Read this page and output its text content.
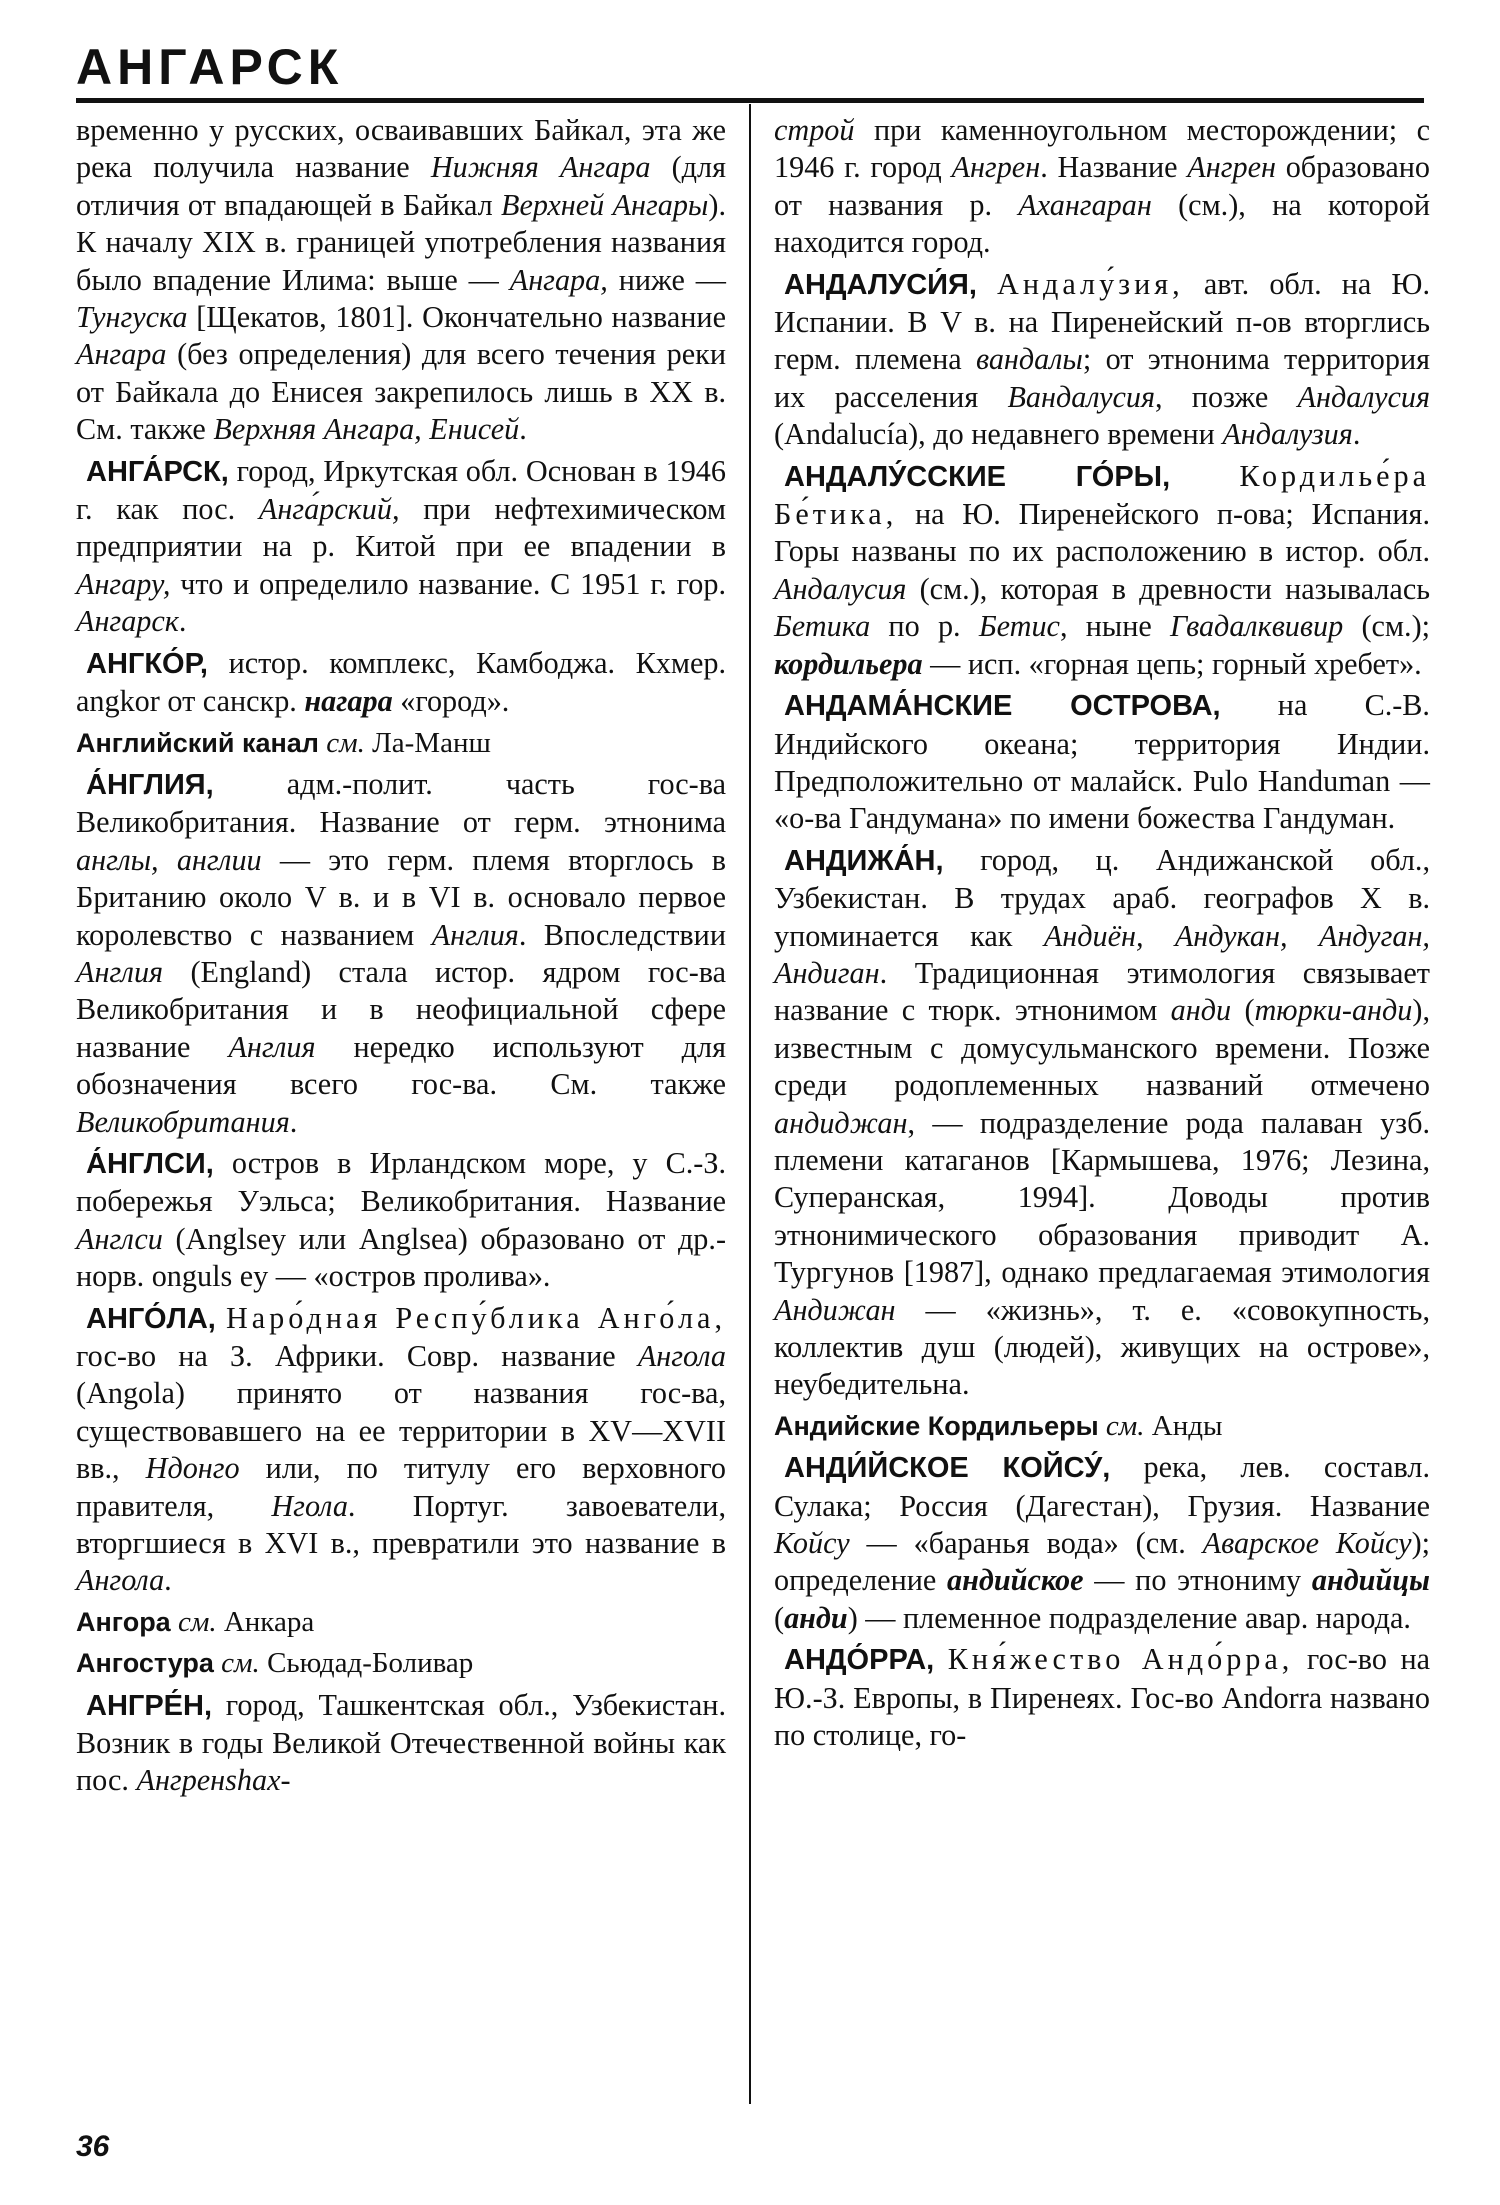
АНГАРСК

временно у русских, осваивавших Байкал, эта же река получила название Нижняя Ангара (для отличия от впадающей в Байкал Верхней Ангары). К началу XIX в. границей употребления названия было впадение Илима: выше — Ангара, ниже — Тунгуска [Щекатов, 1801]. Окончательно название Ангара (без определения) для всего течения реки от Байкала до Енисея закрепилось лишь в XX в. См. также Верхняя Ангара, Енисей.

АНГА́РСК, город, Иркутская обл. Основан в 1946 г. как пос. Анга́рский, при нефтехимическом предприятии на р. Китой при ее впадении в Ангару, что и определило название. С 1951 г. гор. Ангарск.

АНГКО́Р, истор. комплекс, Камбоджа. Кхмер. angkor от санскр. нагара «город».

Английский канал см. Ла-Манш

А́НГЛИЯ, адм.-полит. часть гос-ва Великобритания. Название от герм. этнонима англы, англии — это герм. племя вторглось в Британию около V в. и в VI в. основало первое королевство с названием Англия. Впоследствии Англия (England) стала истор. ядром гос-ва Великобритания и в неофициальной сфере название Англия нередко используют для обозначения всего гос-ва. См. также Великобритания.

А́НГЛСИ, остров в Ирландском море, у С.-З. побережья Уэльса; Великобритания. Название Англси (Anglsey или Anglsea) образовано от др.-норв. onguls ey — «остров пролива».

АНГО́ЛА, Наро́дная Респу́блика Анго́ла, гос-во на З. Африки. Совр. название Ангола (Angola) принято от названия гос-ва, существовавшего на ее территории в XV—XVII вв., Ндонго или, по титулу его верховного правителя, Нгола. Португ. завоеватели, вторгшиеся в XVI в., превратили это название в Ангола.

Ангора см. Анкара

Ангостура см. Сьюдад-Боливар

АНГРЕ́Н, город, Ташкентская обл., Узбекистан. Возник в годы Великой Отечественной войны как пос. Ангренshах-

строй при каменноугольном месторождении; с 1946 г. город Ангрен. Название Ангрен образовано от названия р. Ахангаран (см.), на которой находится город.

АНДАЛУСИ́Я, Андалу́зия, авт. обл. на Ю. Испании. В V в. на Пиренейский п-ов вторглись герм. племена вандалы; от этнонима территория их расселения Вандалусия, позже Андалусия (Andalucía), до недавнего времени Андалузия.

АНДАЛУ́ССКИЕ ГО́РЫ, Кордилье́ра Бе́тика, на Ю. Пиренейского п-ова; Испания. Горы названы по их расположению в истор. обл. Андалусия (см.), которая в древности называлась Бетика по р. Бетис, ныне Гвадалквивир (см.); кордильера — исп. «горная цепь; горный хребет».

АНДАМА́НСКИЕ ОСТРОВА, на С.-В. Индийского океана; территория Индии. Предположительно от малайск. Pulo Handuman — «о-ва Гандумана» по имени божества Гандуман.

АНДИЖА́Н, город, ц. Андижанской обл., Узбекистан. В трудах араб. географов X в. упоминается как Андиён, Андукан, Андуган, Андиган. Традиционная этимология связывает название с тюрк. этнонимом анди (тюрки-анди), известным с домусульманского времени. Позже среди родоплеменных названий отмечено андиджан, — подразделение рода палаван узб. племени катаганов [Кармышева, 1976; Лезина, Суперанская, 1994]. Доводы против этнонимического образования приводит А. Тургунов [1987], однако предлагаемая этимология Андижан — «жизнь», т. е. «совокупность, коллектив душ (людей), живущих на острове», неубедительна.

Андийские Кордильеры см. Анды

АНДИ́ЙСКОЕ КОЙСУ́, река, лев. составл. Сулака; Россия (Дагестан), Грузия. Название Койсу — «баранья вода» (см. Аварское Койсу); определение андийское — по этнониму андийцы (анди) — племенное подразделение авар. народа.

АНДО́РРА, Кня́жество Андо́рра, гос-во на Ю.-З. Европы, в Пиренеях. Гос-во Andorra названо по столице, го-

36
